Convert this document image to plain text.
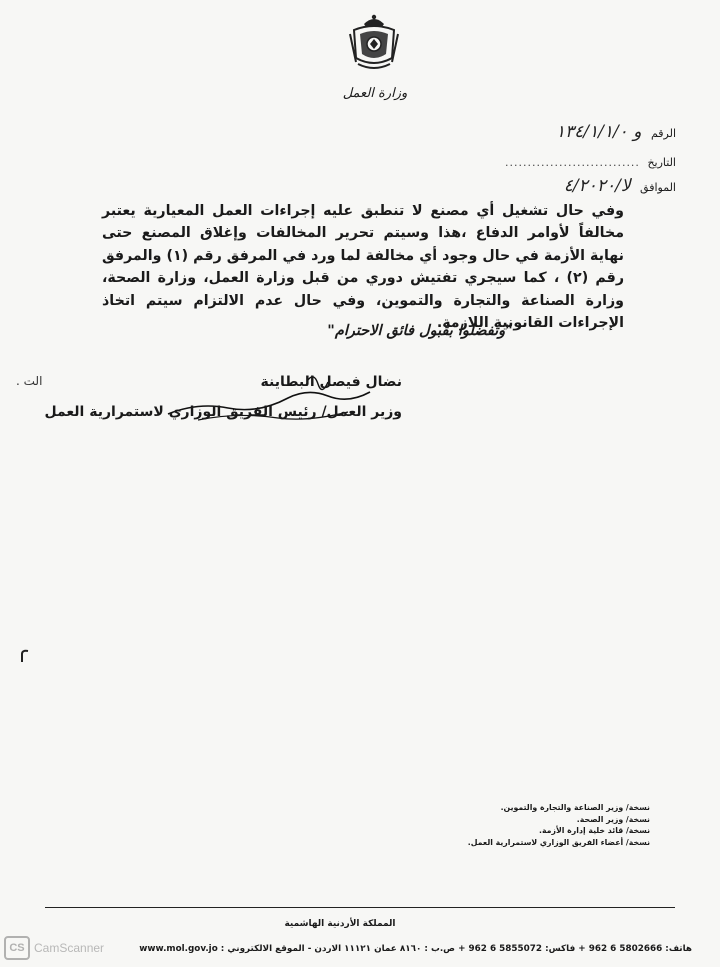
وزارة العمل
الرقم و ١٣٤/١/١/٠
التاريخ ..............................
الموافق لا/٤/٢٠٢٠
وفي حال تشغيل أي مصنع لا تنطبق عليه إجراءات العمل المعيارية يعتبر مخالفاً لأوامر الدفاع ،هذا وسيتم تحرير المخالفات وإغلاق المصنع حتى نهاية الأزمة في حال وجود أي مخالفة لما ورد في المرفق رقم (١) والمرفق رقم (٢) ، كما سيجري تفتيش دوري من قبل وزارة العمل، وزارة الصحة، وزارة الصناعة والتجارة والتموين، وفي حال عدم الالتزام سيتم اتخاذ الإجراءات القانونية اللازمة.
"وتفضلوا بقبول فائق الاحترام"
نضال فيصل البطاينة
وزير العمل/ رئيس الفريق الوزاري لاستمرارية العمل
. الت
نسخة/ وزير الصناعة والتجارة والتموين.
نسخة/ وزير الصحة.
نسخة/ قائد خلية إدارة الأزمة.
نسخة/ أعضاء الفريق الوزاري لاستمرارية العمل.
المملكة الأردنية الهاشمية
هاتف: 5802666 6 962 + فاكس: 5855072 6 962 + ص.ب : ٨١٦٠ عمان ١١١٢١ الاردن - الموقع الالكتروني : www.mol.gov.jo
CS CamScanner
